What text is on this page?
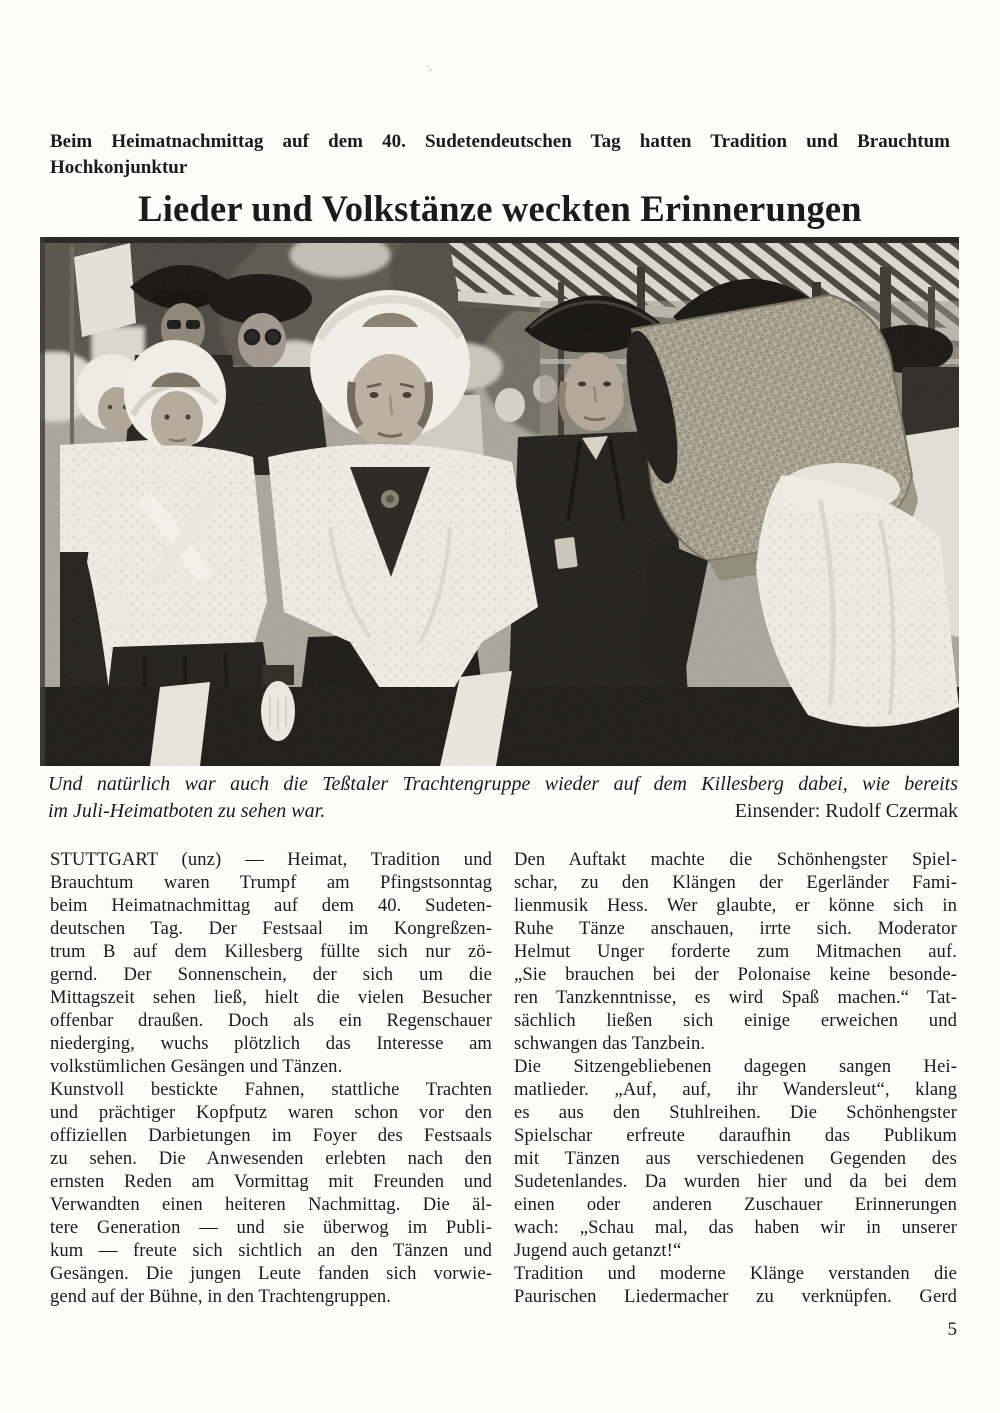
·,
Beim Heimatnachmittag auf dem 40. Sudetendeutschen Tag hatten Tradition und Brauchtum
Hochkonjunktur
Lieder und Volkstänze weckten Erinnerungen
Und natürlich war auch die Teßtaler Trachtengruppe wieder auf dem Killesberg dabei, wie bereits
im Juli-Heimatboten zu sehen war.	Einsender: Rudolf Czermak
STUTTGART (unz) — Heimat, Tradition und
Brauchtum waren Trumpf am Pfingstsonntag
beim Heimatnachmittag auf dem 40. Sudeten-
deutschen Tag. Der Festsaal im Kongreßzen-
trum B auf dem Killesberg füllte sich nur zö-
gernd. Der Sonnenschein, der sich um die
Mittagszeit sehen ließ, hielt die vielen Besucher
offenbar draußen. Doch als ein Regenschauer
niederging, wuchs plötzlich das Interesse am
volkstümlichen Gesängen und Tänzen.
Kunstvoll bestickte Fahnen, stattliche Trachten
und prächtiger Kopfputz waren schon vor den
offiziellen Darbietungen im Foyer des Festsaals
zu sehen. Die Anwesenden erlebten nach den
ernsten Reden am Vormittag mit Freunden und
Verwandten einen heiteren Nachmittag. Die äl-
tere Generation — und sie überwog im Publi-
kum — freute sich sichtlich an den Tänzen und
Gesängen. Die jungen Leute fanden sich vorwie-
gend auf der Bühne, in den Trachtengruppen.
Den Auftakt machte die Schönhengster Spiel-
schar, zu den Klängen der Egerländer Fami-
lienmusik Hess. Wer glaubte, er könne sich in
Ruhe Tänze anschauen, irrte sich. Moderator
Helmut Unger forderte zum Mitmachen auf.
„Sie brauchen bei der Polonaise keine besonde-
ren Tanzkenntnisse, es wird Spaß machen.“ Tat-
sächlich ließen sich einige erweichen und
schwangen das Tanzbein.
Die Sitzengebliebenen dagegen sangen Hei-
matlieder. „Auf, auf, ihr Wandersleut“, klang
es aus den Stuhlreihen. Die Schönhengster
Spielschar erfreute daraufhin das Publikum
mit Tänzen aus verschiedenen Gegenden des
Sudetenlandes. Da wurden hier und da bei dem
einen oder anderen Zuschauer Erinnerungen
wach: „Schau mal, das haben wir in unserer
Jugend auch getanzt!“
Tradition und moderne Klänge verstanden die
Paurischen Liedermacher zu verknüpfen. Gerd
5
